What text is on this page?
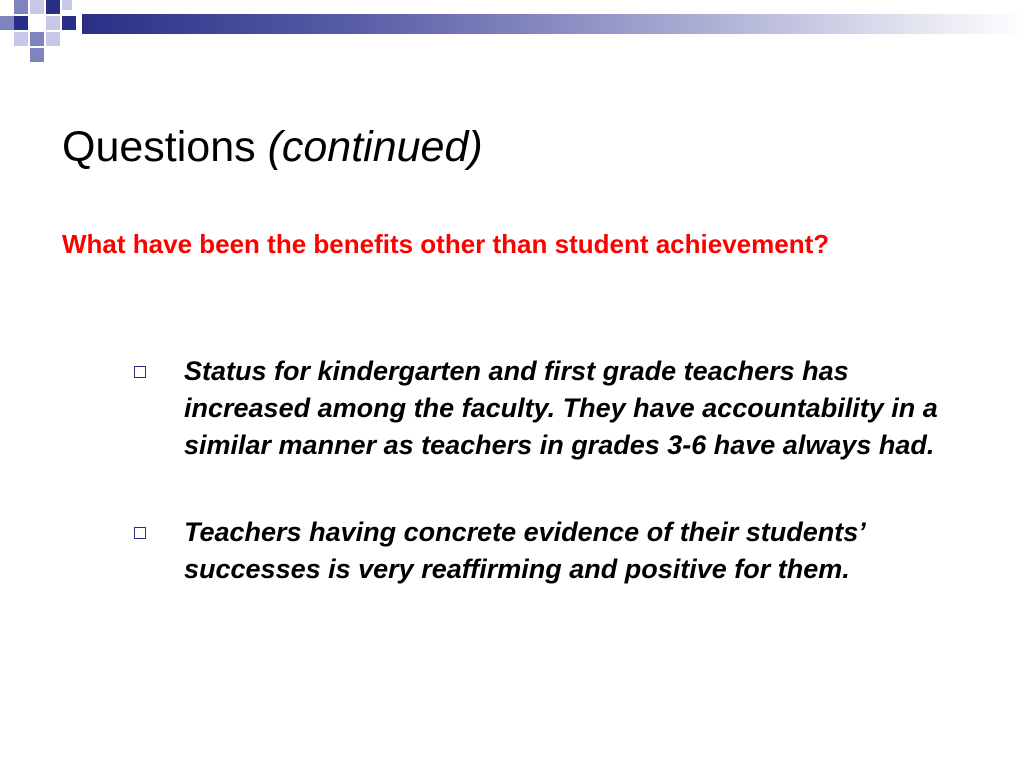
Questions (continued)

What have been the benefits other than student achievement?

Status for kindergarten and first grade teachers has increased among the faculty. They have accountability in a similar manner as teachers in grades 3-6 have always had.
Teachers having concrete evidence of their students’ successes is very reaffirming and positive for them.
